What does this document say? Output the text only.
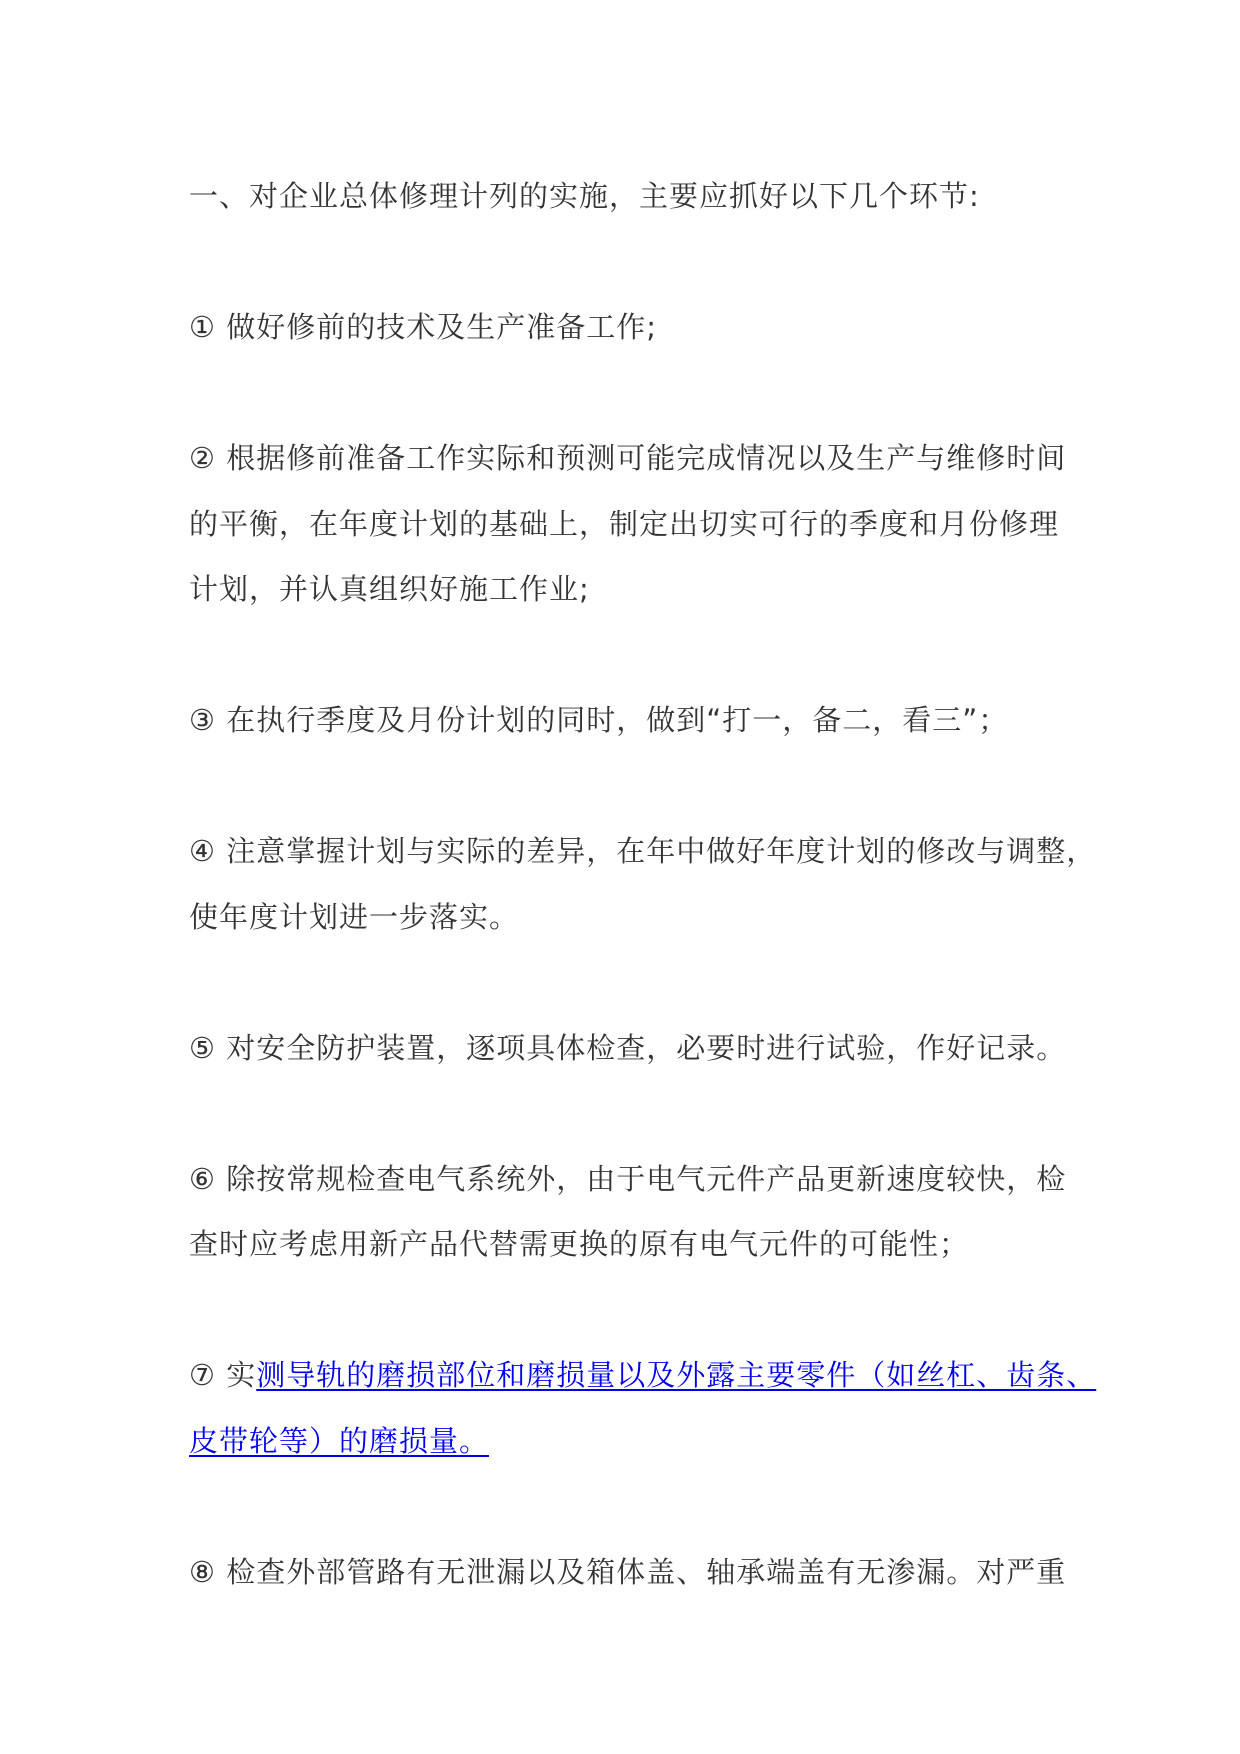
一、对企业总体修理计列的实施，主要应抓好以下几个环节:
① 做好修前的技术及生产准备工作;
② 根据修前准备工作实际和预测可能完成情况以及生产与维修时间
的平衡，在年度计划的基础上，制定出切实可行的季度和月份修理
计划，并认真组织好施工作业;
③ 在执行季度及月份计划的同时，做到“打一，备二，看三”；
④ 注意掌握计划与实际的差异，在年中做好年度计划的修改与调整，
使年度计划进一步落实。
⑤ 对安全防护装置，逐项具体检查，必要时进行试验，作好记录。
⑥ 除按常规检查电气系统外，由于电气元件产品更新速度较快，检
查时应考虑用新产品代替需更换的原有电气元件的可能性；
⑦ 实测导轨的磨损部位和磨损量以及外露主要零件（如丝杠、齿条、
皮带轮等）的磨损量。
⑧ 检查外部管路有无泄漏以及箱体盖、轴承端盖有无渗漏。对严重
